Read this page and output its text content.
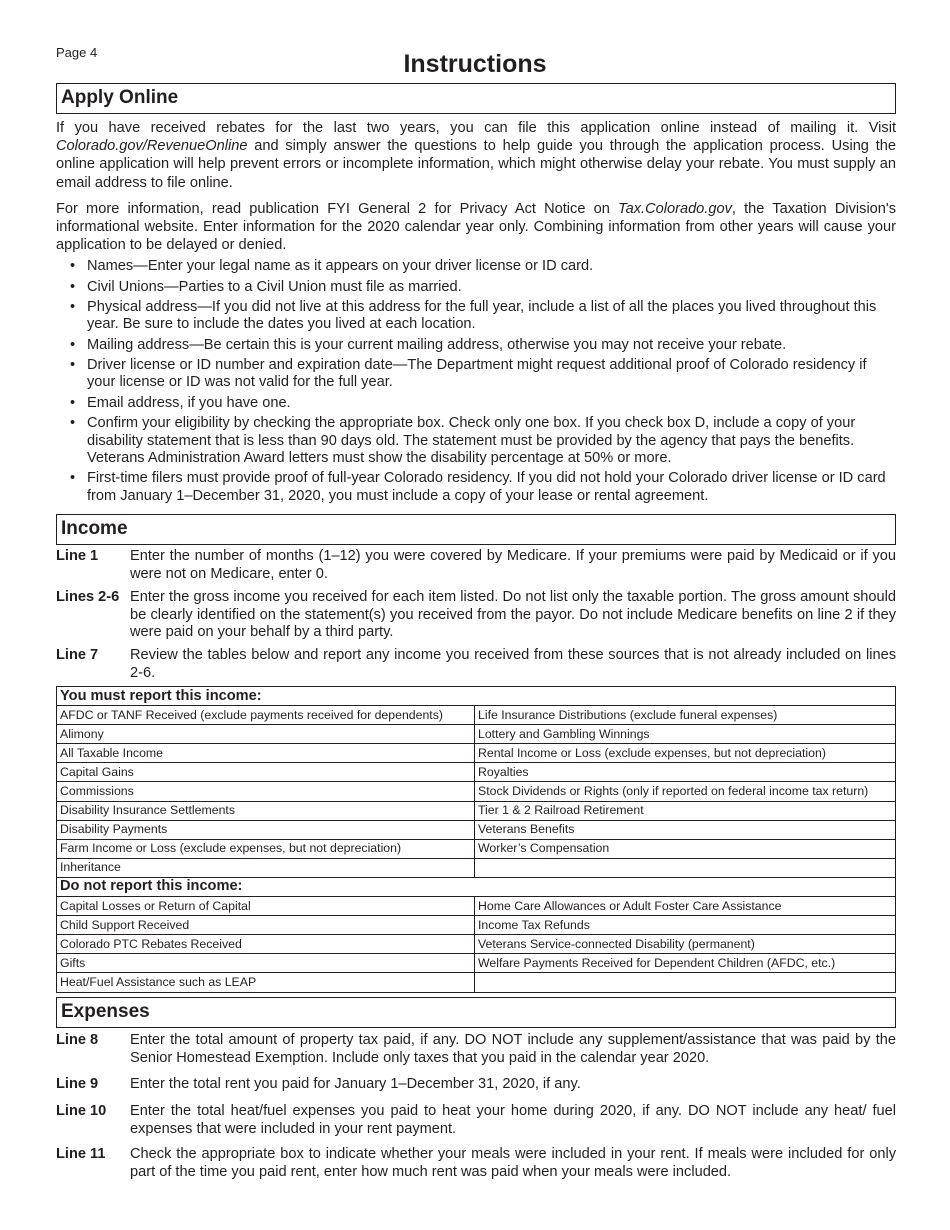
Page 4	Instructions
Apply Online

If you have received rebates for the last two years, you can file this application online instead of mailing it. Visit Colorado.gov/RevenueOnline and simply answer the questions to help guide you through the application process. Using the online application will help prevent errors or incomplete information, which might otherwise delay your rebate. You must supply an email address to file online.

For more information, read publication FYI General 2 for Privacy Act Notice on Tax.Colorado.gov, the Taxation Division's informational website. Enter information for the 2020 calendar year only. Combining information from other years will cause your application to be delayed or denied.

• Names—Enter your legal name as it appears on your driver license or ID card.
• Civil Unions—Parties to a Civil Union must file as married.
• Physical address—If you did not live at this address for the full year, include a list of all the places you lived throughout this year. Be sure to include the dates you lived at each location.
• Mailing address—Be certain this is your current mailing address, otherwise you may not receive your rebate.
• Driver license or ID number and expiration date—The Department might request additional proof of Colorado residency if your license or ID was not valid for the full year.
• Email address, if you have one.
• Confirm your eligibility by checking the appropriate box. Check only one box. If you check box D, include a copy of your disability statement that is less than 90 days old. The statement must be provided by the agency that pays the benefits. Veterans Administration Award letters must show the disability percentage at 50% or more.
• First-time filers must provide proof of full-year Colorado residency. If you did not hold your Colorado driver license or ID card from January 1–December 31, 2020, you must include a copy of your lease or rental agreement.
Income
Line 1	Enter the number of months (1–12) you were covered by Medicare. If your premiums were paid by Medicaid or if you were not on Medicare, enter 0.
Lines 2-6 Enter the gross income you received for each item listed. Do not list only the taxable portion. The gross amount should be clearly identified on the statement(s) you received from the payor. Do not include Medicare benefits on line 2 if they were paid on your behalf by a third party.
Line 7	Review the tables below and report any income you received from these sources that is not already included on lines 2-6.
You must report this income:	
AFDC or TANF Received (exclude payments received for dependents)	Life Insurance Distributions (exclude funeral expenses)
Alimony	Lottery and Gambling Winnings
All Taxable Income	Rental Income or Loss (exclude expenses, but not depreciation)
Capital Gains	Royalties
Commissions	Stock Dividends or Rights (only if reported on federal income tax return)
Disability Insurance Settlements	Tier 1 & 2 Railroad Retirement
Disability Payments	Veterans Benefits
Farm Income or Loss (exclude expenses, but not depreciation)	Worker’s Compensation
Inheritance	
Do not report this income:	
Capital Losses or Return of Capital	Home Care Allowances or Adult Foster Care Assistance
Child Support Received	Income Tax Refunds
Colorado PTC Rebates Received	Veterans Service-connected Disability (permanent)
Gifts	Welfare Payments Received for Dependent Children (AFDC, etc.)
Heat/Fuel Assistance such as LEAP	
Expenses
Line 8	Enter the total amount of property tax paid, if any. DO NOT include any supplement/assistance that was paid by the Senior Homestead Exemption. Include only taxes that you paid in the calendar year 2020.
Line 9	Enter the total rent you paid for January 1–December 31, 2020, if any.
Line 10	Enter the total heat/fuel expenses you paid to heat your home during 2020, if any. DO NOT include any heat/ fuel expenses that were included in your rent payment.
Line 11	Check the appropriate box to indicate whether your meals were included in your rent. If meals were included for only part of the time you paid rent, enter how much rent was paid when your meals were included.
